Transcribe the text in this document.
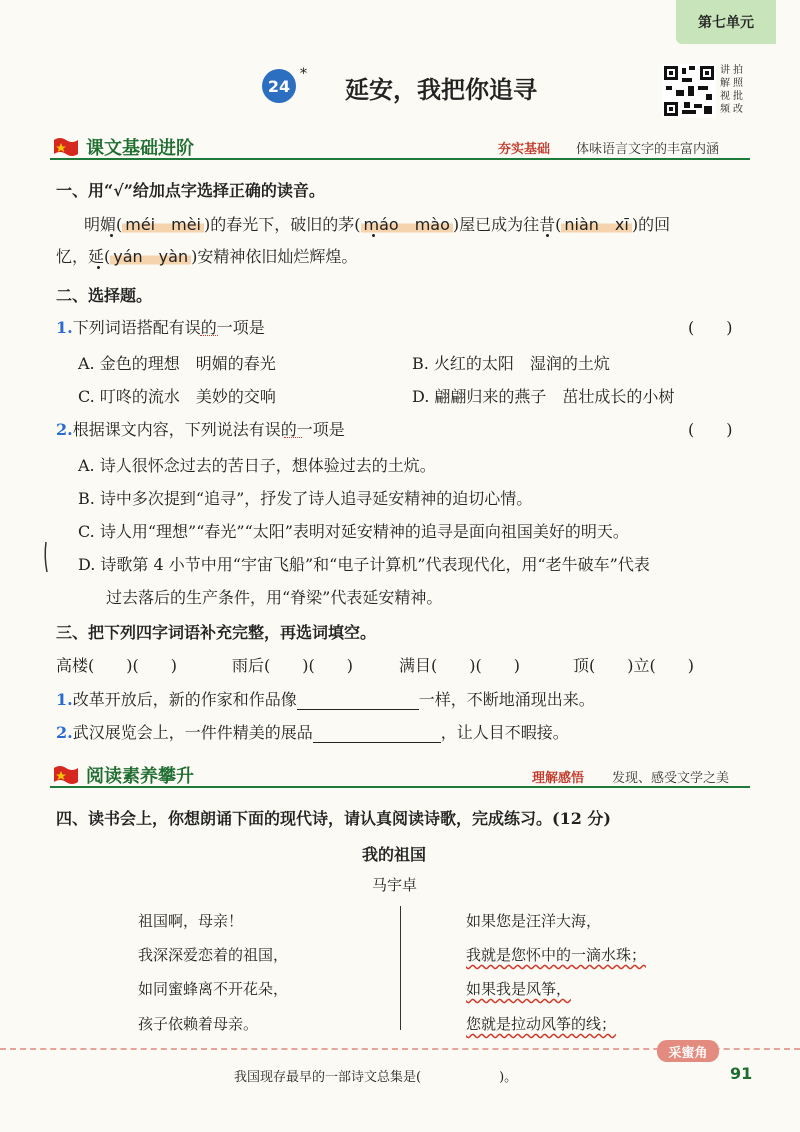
第七单元
24
*
延安，我把你追寻
讲
解
视
频
拍
照
批
改
课文基础进阶	夯实基础 体味语言文字的丰富内涵
一、用“√”给加点字选择正确的读音。
明媚( méi　mèi )的春光下，破旧的茅( máo　mào )屋已成为往昔( niàn　xī )的回
忆，延( yán　yàn )安精神依旧灿烂辉煌。
二、选择题。
1.下列词语搭配有误的一项是	(　　)
A. 金色的理想　明媚的春光	B. 火红的太阳　湿润的土炕
C. 叮咚的流水　美妙的交响	D. 翩翩归来的燕子　茁壮成长的小树
2.根据课文内容，下列说法有误的一项是	(　　)
A. 诗人很怀念过去的苦日子，想体验过去的土炕。
B. 诗中多次提到“追寻”，抒发了诗人追寻延安精神的迫切心情。
C. 诗人用“理想”“春光”“太阳”表明对延安精神的追寻是面向祖国美好的明天。
D. 诗歌第 4 小节中用“宇宙飞船”和“电子计算机”代表现代化，用“老牛破车”代表
过去落后的生产条件，用“脊梁”代表延安精神。
三、把下列四字词语补充完整，再选词填空。
高楼(　　)(　　)	雨后(　　)(　　)	满目(　　)(　　)	顶(　　)立(　　)
1.改革开放后，新的作家和作品像	一样，不断地涌现出来。
2.武汉展览会上，一件件精美的展品	，让人目不暇接。
阅读素养攀升	理解感悟 发现、感受文学之美
四、读书会上，你想朗诵下面的现代诗，请认真阅读诗歌，完成练习。(12 分)
我的祖国
马宇卓
祖国啊，母亲！
我深深爱恋着的祖国，
如同蜜蜂离不开花朵，
孩子依赖着母亲。
如果您是汪洋大海，
我就是您怀中的一滴水珠；
如果我是风筝，
您就是拉动风筝的线；
采蜜角
我国现存最早的一部诗文总集是(　　　　　　)。	91
